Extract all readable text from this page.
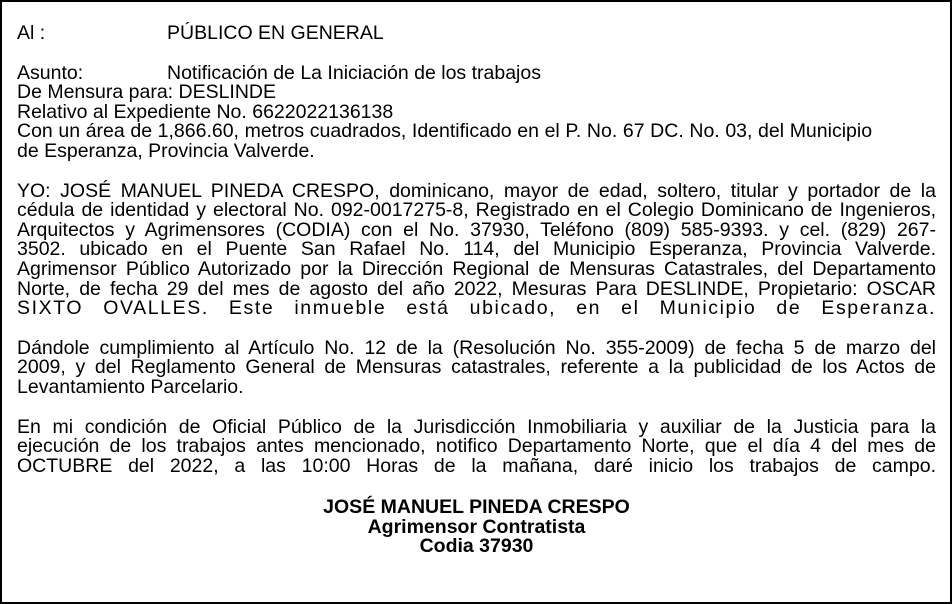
Al :	PÚBLICO EN GENERAL
Asunto:	Notificación de La Iniciación de los trabajos
De Mensura para: DESLINDE
Relativo al Expediente No. 6622022136138
Con un área de 1,866.60, metros cuadrados, Identificado en el P. No. 67 DC. No. 03, del Municipio
de Esperanza, Provincia Valverde.
YO: JOSÉ MANUEL PINEDA CRESPO, dominicano, mayor de edad, soltero, titular y portador de la
cédula de identidad y electoral No. 092-0017275-8, Registrado en el Colegio Dominicano de Ingenieros,
Arquitectos y Agrimensores (CODIA) con el No. 37930, Teléfono (809) 585-9393. y cel. (829) 267-
3502. ubicado en el Puente San Rafael No. 114, del Municipio Esperanza, Provincia Valverde.
Agrimensor Público Autorizado por la Dirección Regional de Mensuras Catastrales, del Departamento
Norte, de fecha 29 del mes de agosto del año 2022, Mesuras Para DESLINDE, Propietario: OSCAR
SIXTO OVALLES. Este inmueble está ubicado, en el Municipio de Esperanza.
Dándole cumplimiento al Artículo No. 12 de la (Resolución No. 355-2009) de fecha 5 de marzo del
2009, y del Reglamento General de Mensuras catastrales, referente a la publicidad de los Actos de
Levantamiento Parcelario.
En mi condición de Oficial Público de la Jurisdicción Inmobiliaria y auxiliar de la Justicia para la
ejecución de los trabajos antes mencionado, notifico Departamento Norte, que el día 4 del mes de
OCTUBRE del 2022, a las 10:00 Horas de la mañana, daré inicio los trabajos de campo.
JOSÉ MANUEL PINEDA CRESPO
Agrimensor Contratista
Codia 37930
